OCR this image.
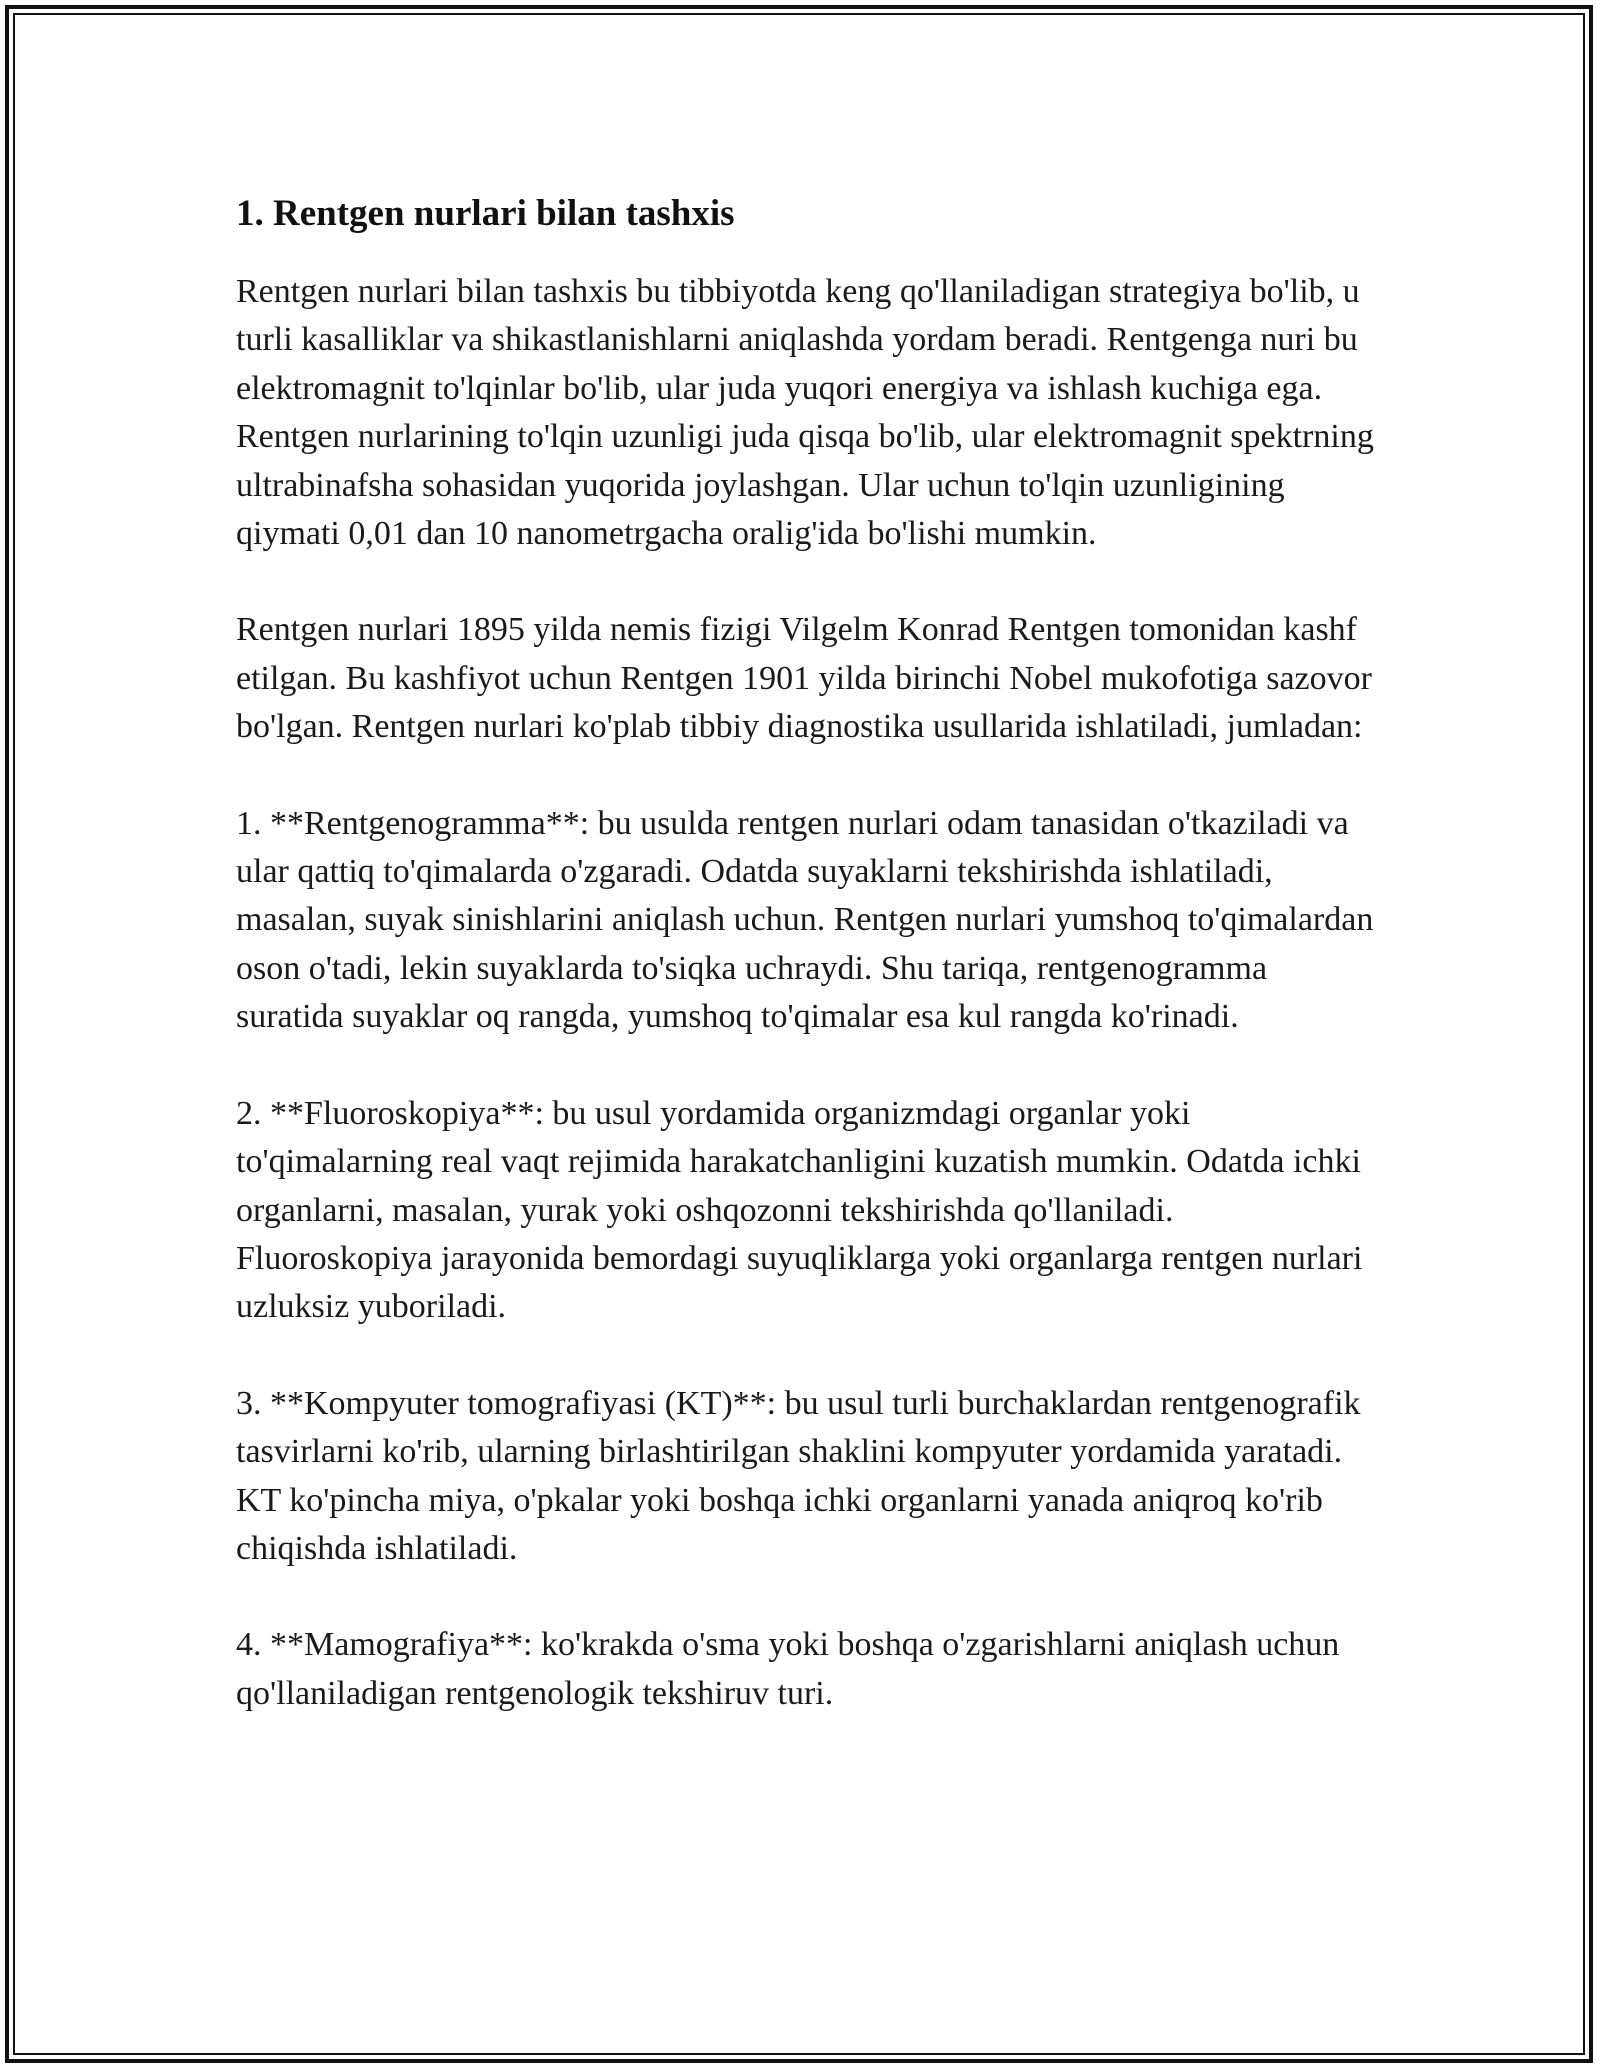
1. Rentgen nurlari bilan tashxis

Rentgen nurlari bilan tashxis bu tibbiyotda keng qo'llaniladigan strategiya bo'lib, u turli kasalliklar va shikastlanishlarni aniqlashda yordam beradi. Rentgenga nuri bu elektromagnit to'lqinlar bo'lib, ular juda yuqori energiya va ishlash kuchiga ega. Rentgen nurlarining to'lqin uzunligi juda qisqa bo'lib, ular elektromagnit spektrning ultrabinafsha sohasidan yuqorida joylashgan. Ular uchun to'lqin uzunligining qiymati 0,01 dan 10 nanometrgacha oralig'ida bo'lishi mumkin.

Rentgen nurlari 1895 yilda nemis fizigi Vilgelm Konrad Rentgen tomonidan kashf etilgan. Bu kashfiyot uchun Rentgen 1901 yilda birinchi Nobel mukofotiga sazovor bo'lgan. Rentgen nurlari ko'plab tibbiy diagnostika usullarida ishlatiladi, jumladan:

1. **Rentgenogramma**: bu usulda rentgen nurlari odam tanasidan o'tkaziladi va ular qattiq to'qimalarda o'zgaradi. Odatda suyaklarni tekshirishda ishlatiladi, masalan, suyak sinishlarini aniqlash uchun. Rentgen nurlari yumshoq to'qimalardan oson o'tadi, lekin suyaklarda to'siqka uchraydi. Shu tariqa, rentgenogramma suratida suyaklar oq rangda, yumshoq to'qimalar esa kul rangda ko'rinadi.

2. **Fluoroskopiya**: bu usul yordamida organizmdagi organlar yoki to'qimalarning real vaqt rejimida harakatchanligini kuzatish mumkin. Odatda ichki organlarni, masalan, yurak yoki oshqozonni tekshirishda qo'llaniladi. Fluoroskopiya jarayonida bemordagi suyuqliklarga yoki organlarga rentgen nurlari uzluksiz yuboriladi.

3. **Kompyuter tomografiyasi (KT)**: bu usul turli burchaklardan rentgenografik tasvirlarni ko'rib, ularning birlashtirilgan shaklini kompyuter yordamida yaratadi. KT ko'pincha miya, o'pkalar yoki boshqa ichki organlarni yanada aniqroq ko'rib chiqishda ishlatiladi.

4. **Mamografiya**: ko'krakda o'sma yoki boshqa o'zgarishlarni aniqlash uchun qo'llaniladigan rentgenologik tekshiruv turi.
